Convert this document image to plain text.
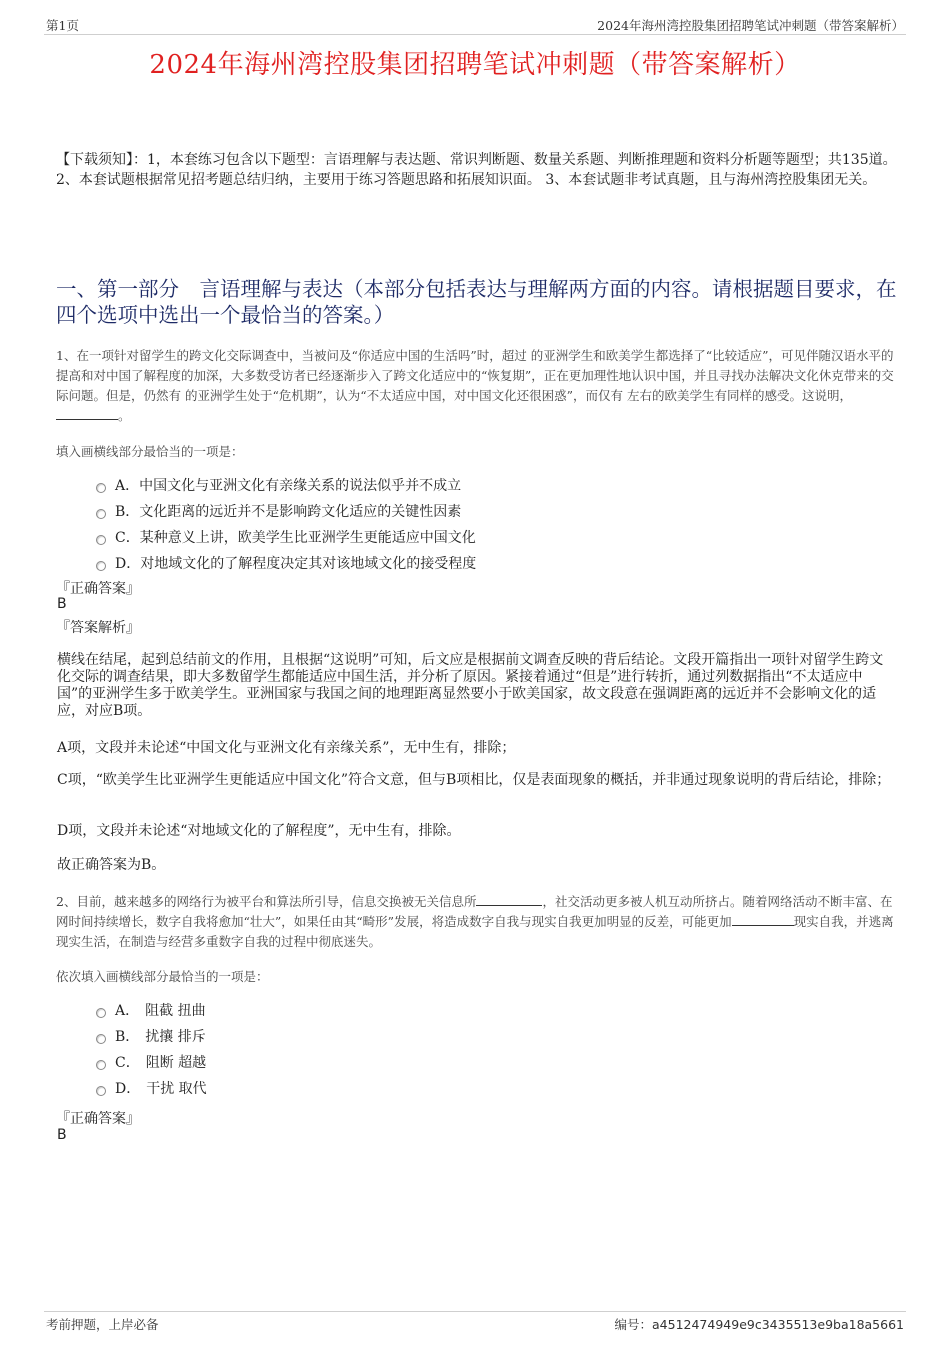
第1页	2024年海州湾控股集团招聘笔试冲刺题（带答案解析）
2024年海州湾控股集团招聘笔试冲刺题（带答案解析）
【下载须知】：1，本套练习包含以下题型：言语理解与表达题、常识判断题、数量关系题、判断推理题和资料分析题等题型；共135道。 2、本套试题根据常见招考题总结归纳，主要用于练习答题思路和拓展知识面。 3、本套试题非考试真题，且与海州湾控股集团无关。
一、第一部分　言语理解与表达（本部分包括表达与理解两方面的内容。请根据题目要求，在四个选项中选出一个最恰当的答案。）
1、在一项针对留学生的跨文化交际调查中，当被问及“你适应中国的生活吗”时，超过 的亚洲学生和欧美学生都选择了“比较适应”，可见伴随汉语水平的提高和对中国了解程度的加深，大多数受访者已经逐渐步入了跨文化适应中的“恢复期”，正在更加理性地认识中国，并且寻找办法解决文化休克带来的交际问题。但是，仍然有 的亚洲学生处于“危机期”，认为“不太适应中国，对中国文化还很困惑”，而仅有 左右的欧美学生有同样的感受。这说明，。
填入画横线部分最恰当的一项是：
A．中国文化与亚洲文化有亲缘关系的说法似乎并不成立
B．文化距离的远近并不是影响跨文化适应的关键性因素
C．某种意义上讲，欧美学生比亚洲学生更能适应中国文化
D．对地域文化的了解程度决定其对该地域文化的接受程度
『正确答案』
B
『答案解析』
横线在结尾，起到总结前文的作用，且根据“这说明”可知，后文应是根据前文调查反映的背后结论。文段开篇指出一项针对留学生跨文化交际的调查结果，即大多数留学生都能适应中国生活，并分析了原因。紧接着通过“但是”进行转折，通过列数据指出“不太适应中国”的亚洲学生多于欧美学生。亚洲国家与我国之间的地理距离显然要小于欧美国家，故文段意在强调距离的远近并不会影响文化的适应，对应B项。
A项，文段并未论述“中国文化与亚洲文化有亲缘关系”，无中生有，排除；
C项，“欧美学生比亚洲学生更能适应中国文化”符合文意，但与B项相比，仅是表面现象的概括，并非通过现象说明的背后结论，排除；
D项，文段并未论述“对地域文化的了解程度”，无中生有，排除。
故正确答案为B。
2、目前，越来越多的网络行为被平台和算法所引导，信息交换被无关信息所	，社交活动更多被人机互动所挤占。随着网络活动不断丰富、在网时间持续增长，数字自我将愈加“壮大”，如果任由其“畸形”发展，将造成数字自我与现实自我更加明显的反差，可能更加	现实自我，并逃离现实生活，在制造与经营多重数字自我的过程中彻底迷失。
依次填入画横线部分最恰当的一项是：
A． 阻截 扭曲
B． 扰攘 排斥
C． 阻断 超越
D． 干扰 取代
『正确答案』
B
考前押题，上岸必备	编号：a4512474949e9c3435513e9ba18a5661
